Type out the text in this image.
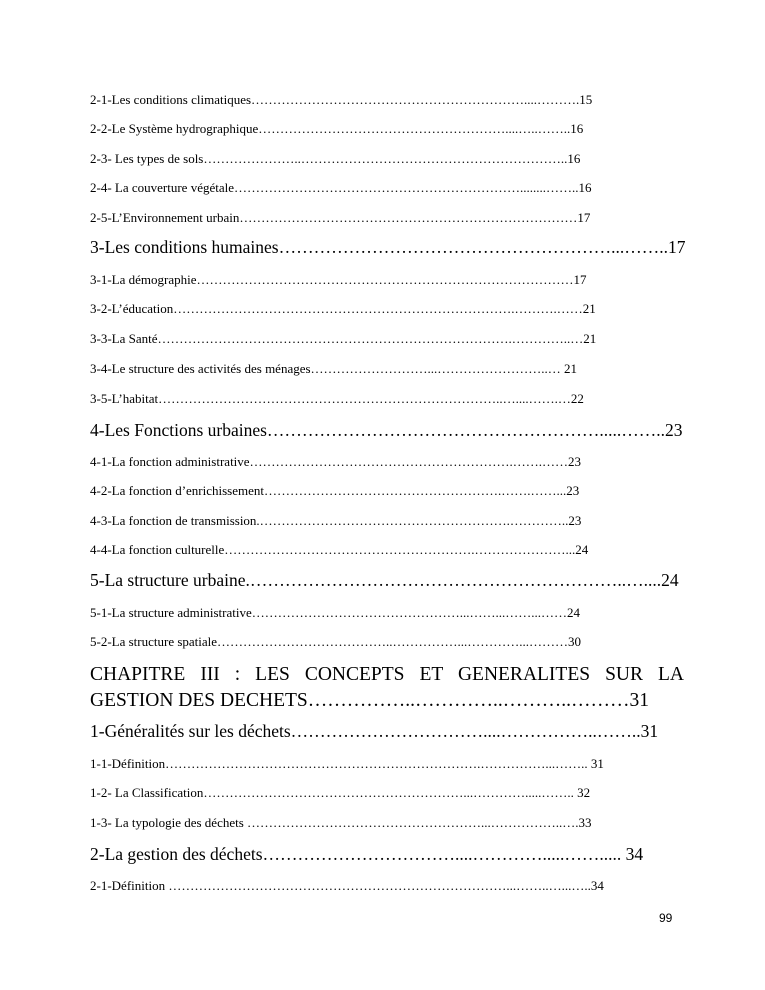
2-1-Les conditions climatiques………………………………………………………....……….15
2-2-Le Système hydrographique…………………………………………………....…..……..16
2-3- Les types de sols…………………..……………………………………………………..16
2-4- La couverture végétale…………………………………………………………........……..16
2-5-L’Environnement urbain……………………………………………………………………17
3-Les conditions humaines…………………………………………………...……..17
3-1-La démographie……………………………………………………………………………17
3-2-L’éducation…………………………………………………………………….……….……21
3-3-La Santé……………………………………………………………………….…………..…21
3-4-Le structure des activités des ménages………………………...……………………..… 21
3-5-L’habitat……………………………………………………………………..…....…….…22
4-Les Fonctions urbaines………………………………………………….....……..23
4-1-La fonction administrative…………………………………………………….…….……23
4-2-La fonction d’enrichissement……………………………………………….…….……...23
4-3-La fonction de transmission.………………………………………………….…………..23
4-4-La fonction culturelle………………………………………………….…………………...24
5-La structure urbaine.………………………………………………………..…....24
5-1-La structure administrative…………………………………………...……...……...……24
5-2-La structure spatiale…………………………………..……………...…………...………30
CHAPITRE III : LES CONCEPTS ET GENERALITES SUR LA GESTION DES DECHETS……………..…………..………..………31
1-Généralités sur les déchets……………………………....……………..……..31
1-1-Définition……………………………………………………………….……………...…….. 31
1-2- La Classification……………………………………………………...………….....…….. 32
1-3- La typologie des déchets ………………………………………………...……………..….33
2-La gestion des déchets……………………………....………….....……..... 34
2-1-Définition ……………………………………………………………………...……..…...…..34
99
